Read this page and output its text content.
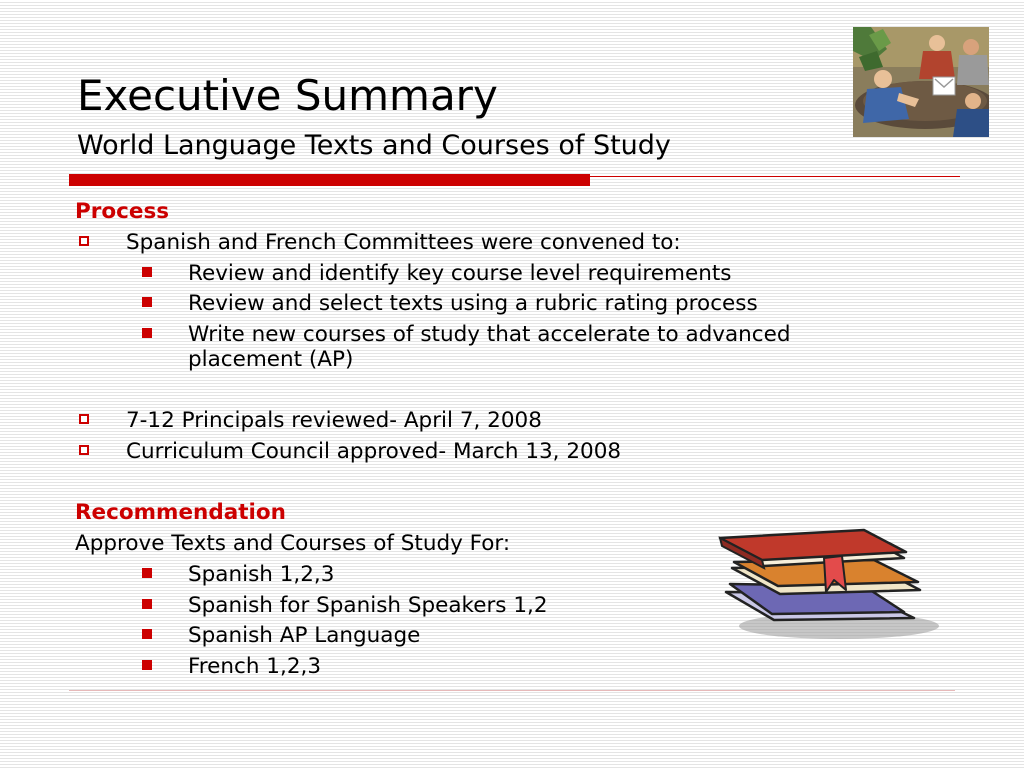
Executive Summary
World Language Texts and Courses of Study
Process
Spanish and French Committees were convened to:
Review and identify key course level requirements
Review and select texts using a rubric rating process
Write new courses of study that accelerate to advanced
placement (AP)
7-12 Principals reviewed- April 7, 2008
Curriculum Council approved- March 13, 2008
Recommendation
Approve Texts and Courses of Study For:
Spanish 1,2,3
Spanish for Spanish Speakers 1,2
Spanish AP Language
French 1,2,3
